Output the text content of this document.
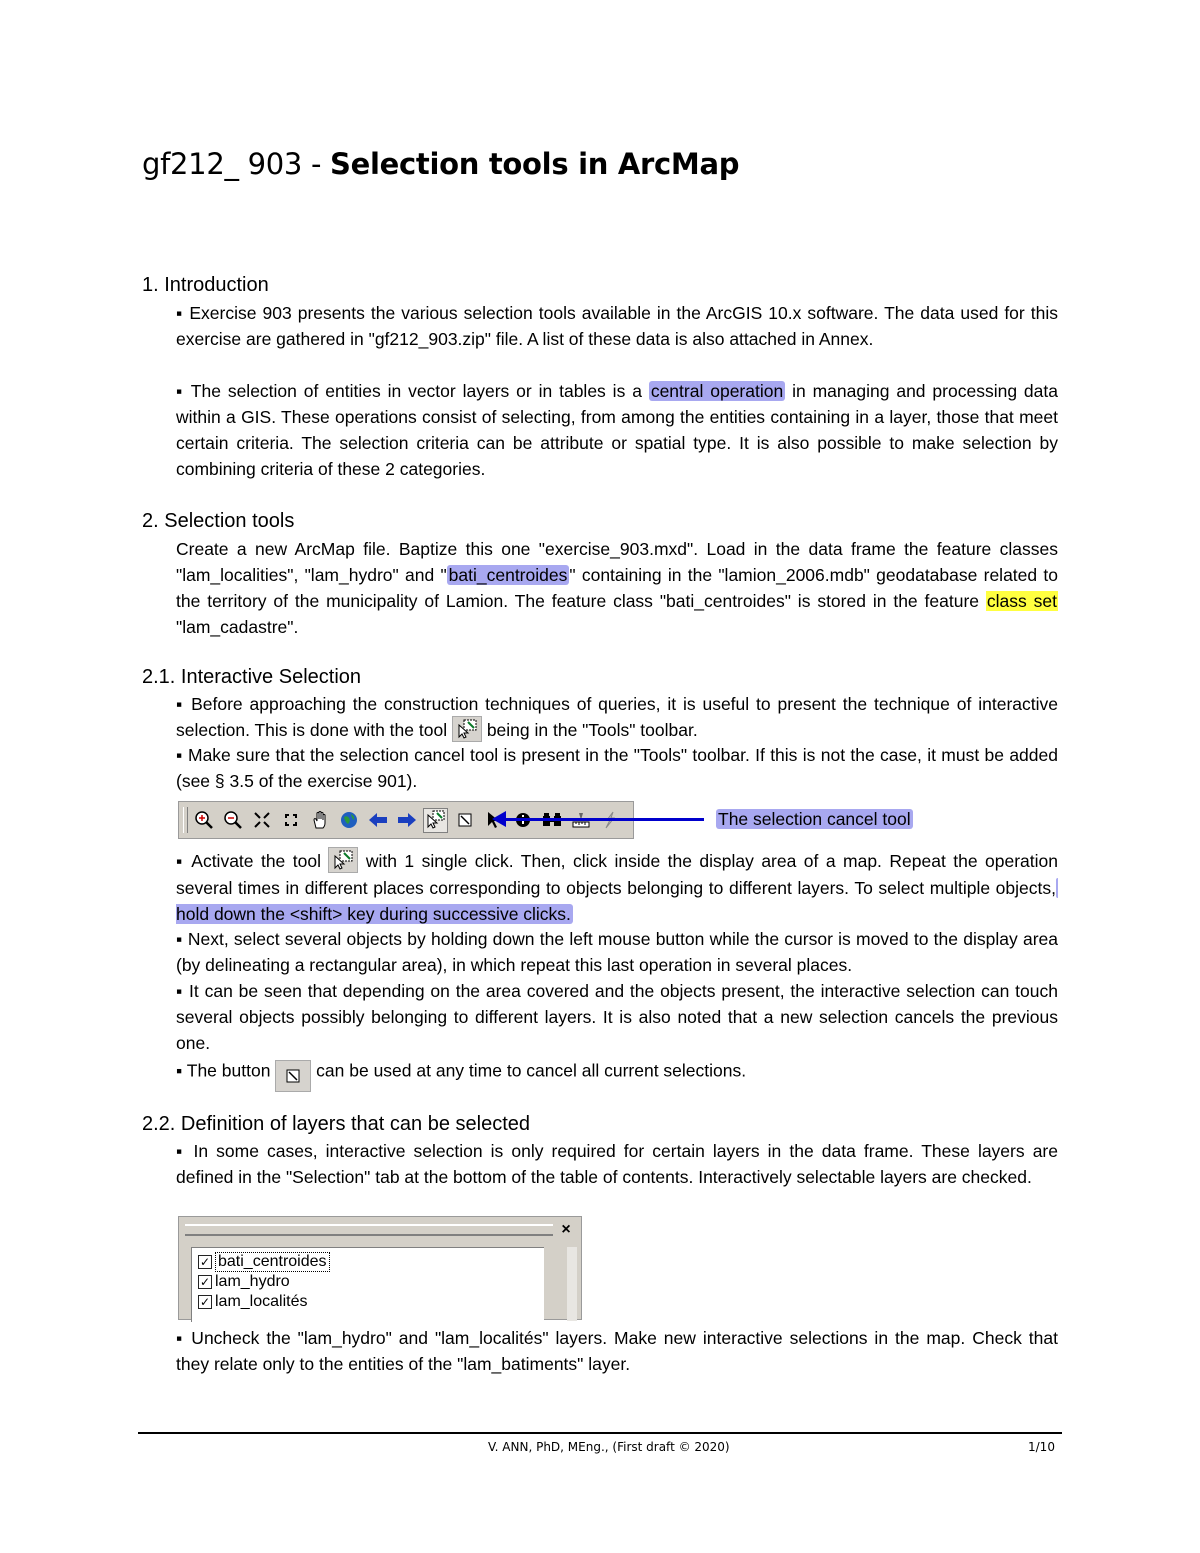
gf212_ 903 - Selection tools in ArcMap
1. Introduction
▪ Exercise 903 presents the various selection tools available in the ArcGIS 10.x software. The data used for this exercise are gathered in "gf212_903.zip" file. A list of these data is also attached in Annex.
▪ The selection of entities in vector layers or in tables is a central operation in managing and processing data within a GIS. These operations consist of selecting, from among the entities containing in a layer, those that meet certain criteria. The selection criteria can be attribute or spatial type. It is also possible to make selection by combining criteria of these 2 categories.
2. Selection tools
Create a new ArcMap file. Baptize this one "exercise_903.mxd". Load in the data frame the feature classes "lam_localities", "lam_hydro" and " bati_centroides " containing in the "lamion_2006.mdb" geodatabase related to the territory of the municipality of Lamion. The feature class "bati_centroides" is stored in the feature class set "lam_cadastre".
2.1. Interactive Selection
▪ Before approaching the construction techniques of queries, it is useful to present the technique of interactive selection. This is done with the tool
being in the "Tools" toolbar.
▪ Make sure that the selection cancel tool is present in the "Tools" toolbar. If this is not the case, it must be added (see § 3.5 of the exercise 901).
The selection cancel tool
▪ Activate the tool
with 1 single click. Then, click inside the display area of a map. Repeat the operation several times in different places corresponding to objects belonging to different layers. To select multiple objects, hold down the <shift> key during successive clicks.
▪ Next, select several objects by holding down the left mouse button while the cursor is moved to the display area (by delineating a rectangular area), in which repeat this last operation in several places.
▪ It can be seen that depending on the area covered and the objects present, the interactive selection can touch several objects possibly belonging to different layers. It is also noted that a new selection cancels the previous one.
▪ The button
can be used at any time to cancel all current selections.
2.2. Definition of layers that can be selected
▪ In some cases, interactive selection is only required for certain layers in the data frame. These layers are defined in the "Selection" tab at the bottom of the table of contents. Interactively selectable layers are checked.
×
✓ bati_centroides
✓ lam_hydro
✓ lam_localités
▪ Uncheck the "lam_hydro" and "lam_localités" layers. Make new interactive selections in the map. Check that they relate only to the entities of the "lam_batiments" layer.
V. ANN, PhD, MEng., (First draft © 2020)	1/10
